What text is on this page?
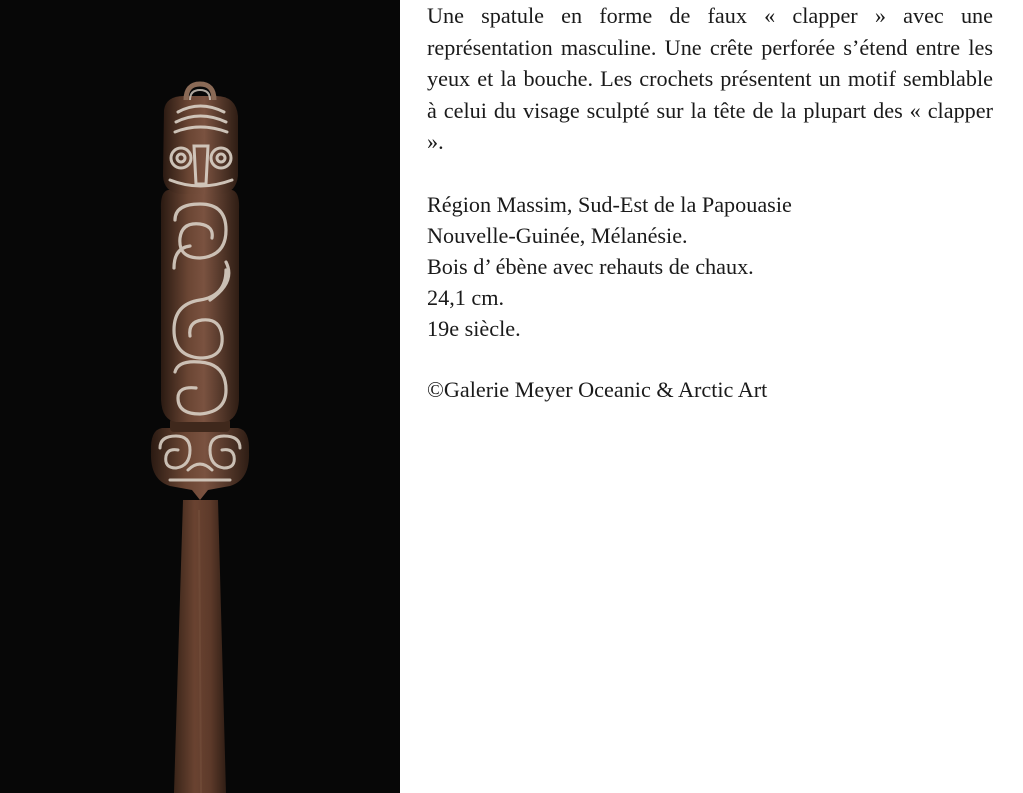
Une spatule en forme de faux « clapper » avec une représentation masculine. Une crête perforée s’étend entre les yeux et la bouche. Les crochets présentent un motif semblable à celui du visage sculpté sur la tête de la plupart des « clapper ».

Région Massim, Sud-Est de la Papouasie
Nouvelle-Guinée, Mélanésie.
Bois d’ ébène avec rehauts de chaux.
24,1 cm.
19e siècle.

©Galerie Meyer Oceanic & Arctic Art
